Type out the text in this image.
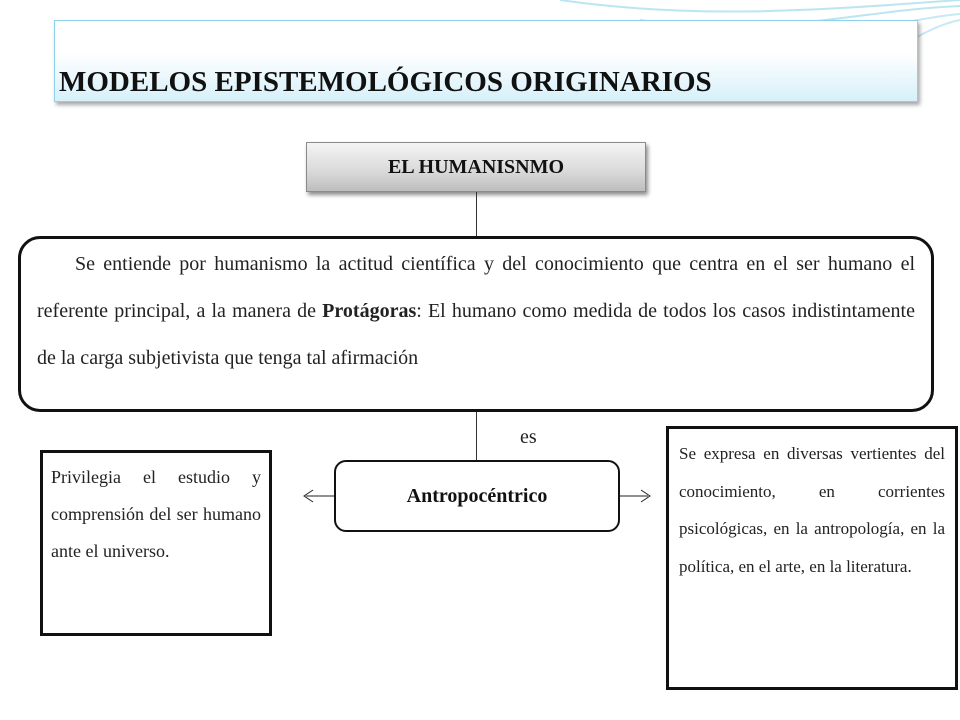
MODELOS EPISTEMOLÓGICOS ORIGINARIOS
EL HUMANISNMO
Se entiende por humanismo la actitud científica y del conocimiento que centra en el ser humano el referente principal, a la manera de Protágoras: El humano como medida de todos los casos indistintamente de la carga subjetivista que tenga tal afirmación
es
Antropocéntrico
Privilegia el estudio y comprensión del ser humano ante el universo.
Se expresa en diversas vertientes del conocimiento, en corrientes psicológicas, en la antropología, en la política, en el arte, en la literatura.
